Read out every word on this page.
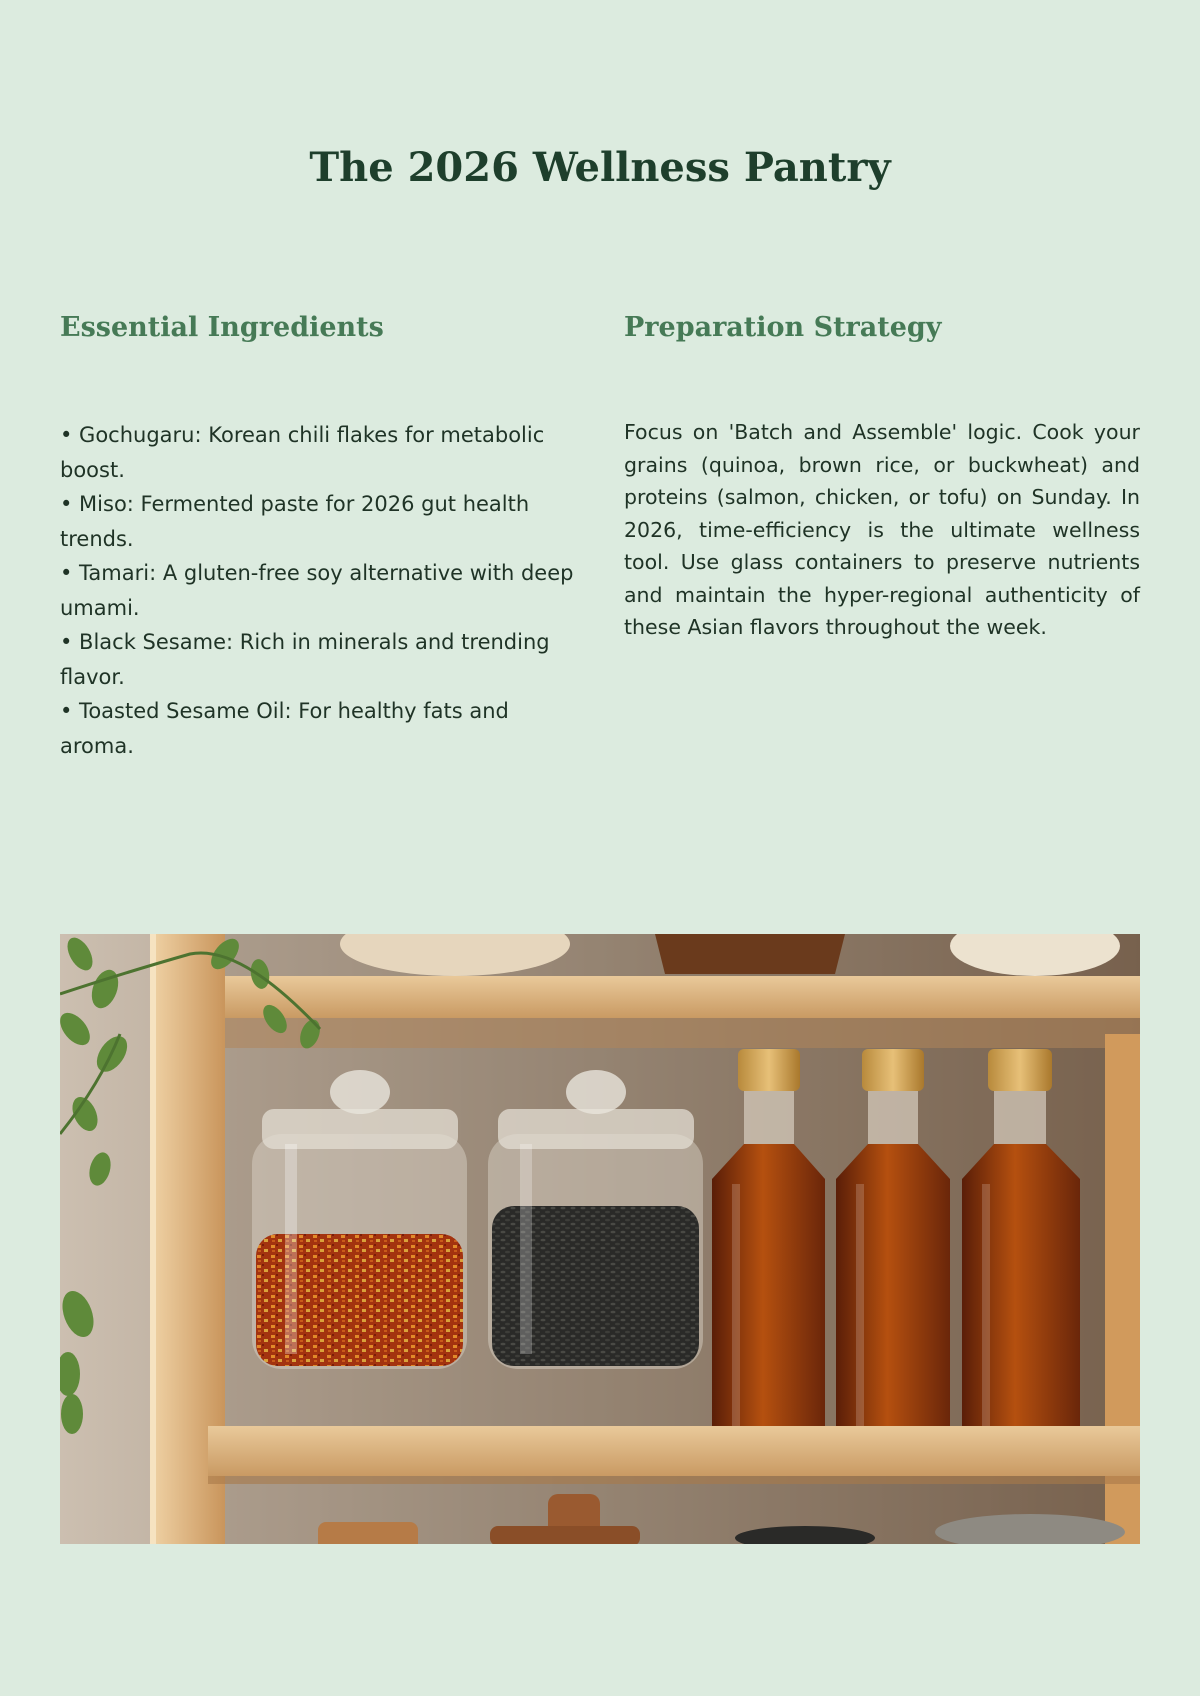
The 2026 Wellness Pantry
Essential Ingredients
• Gochugaru: Korean chili flakes for metabolic boost.
• Miso: Fermented paste for 2026 gut health trends.
• Tamari: A gluten-free soy alternative with deep umami.
• Black Sesame: Rich in minerals and trending flavor.
• Toasted Sesame Oil: For healthy fats and aroma.
Preparation Strategy

Focus on 'Batch and Assemble' logic. Cook your grains (quinoa, brown rice, or buckwheat) and proteins (salmon, chicken, or tofu) on Sunday. In 2026, time-efficiency is the ultimate wellness tool. Use glass containers to preserve nutrients and maintain the hyper-regional authenticity of these Asian flavors throughout the week.
